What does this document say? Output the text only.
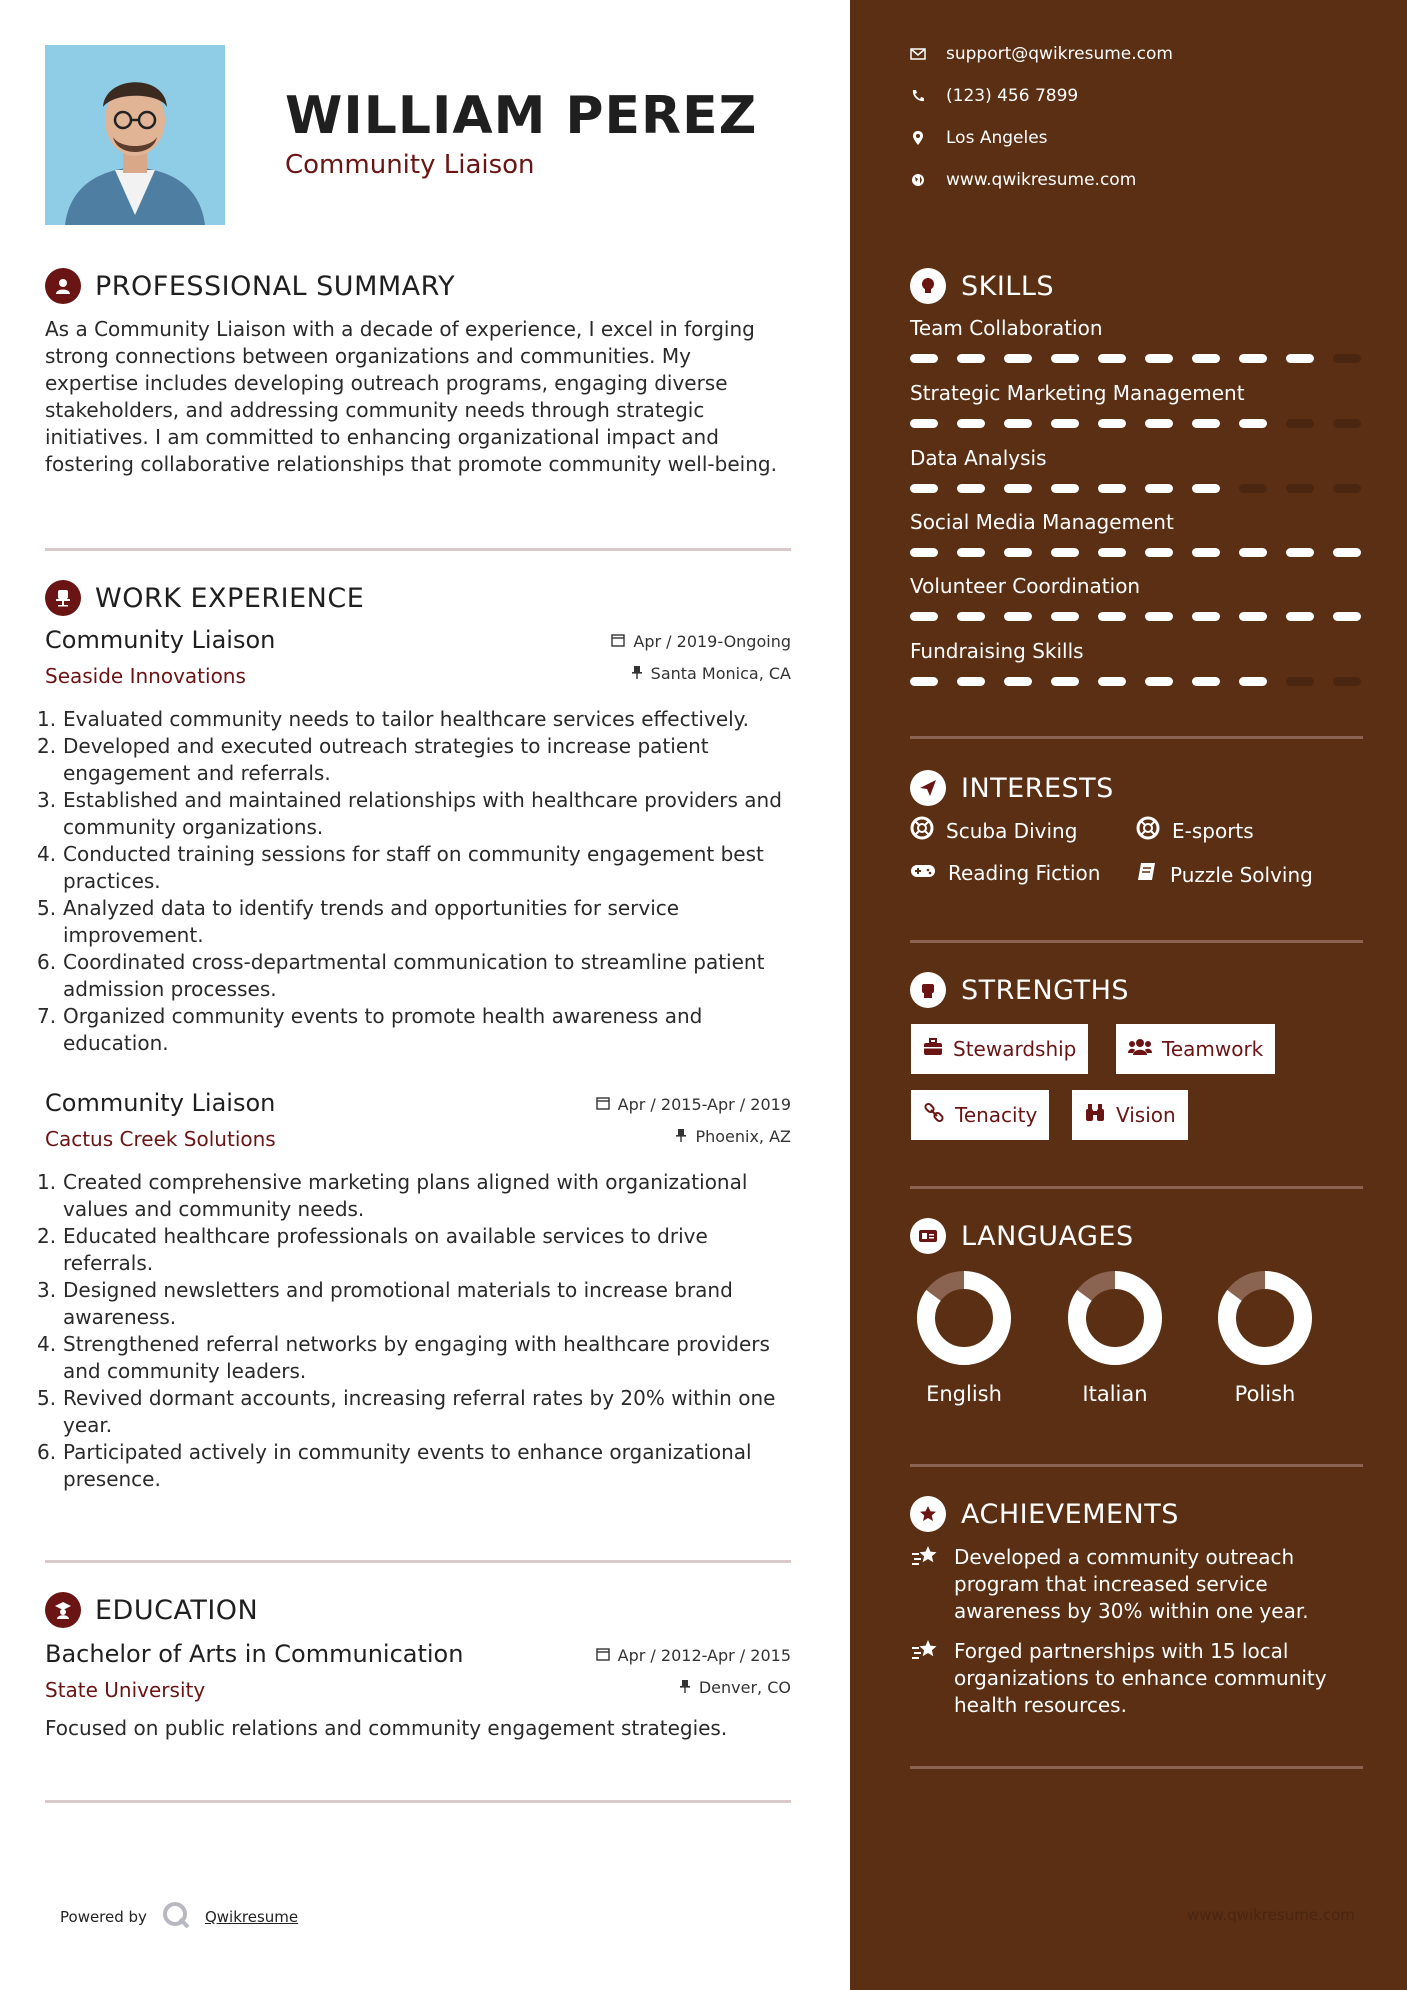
WILLIAM PEREZ
Community Liaison
PROFESSIONAL SUMMARY
As a Community Liaison with a decade of experience, I excel in forging strong connections between organizations and communities. My expertise includes developing outreach programs, engaging diverse stakeholders, and addressing community needs through strategic initiatives. I am committed to enhancing organizational impact and fostering collaborative relationships that promote community well-being.
WORK EXPERIENCE
Community Liaison
Seaside Innovations
Apr / 2019-Ongoing
Santa Monica, CA
1. Evaluated community needs to tailor healthcare services effectively.
2. Developed and executed outreach strategies to increase patient engagement and referrals.
3. Established and maintained relationships with healthcare providers and community organizations.
4. Conducted training sessions for staff on community engagement best practices.
5. Analyzed data to identify trends and opportunities for service improvement.
6. Coordinated cross-departmental communication to streamline patient admission processes.
7. Organized community events to promote health awareness and education.
Community Liaison
Cactus Creek Solutions
Apr / 2015-Apr / 2019
Phoenix, AZ
1. Created comprehensive marketing plans aligned with organizational values and community needs.
2. Educated healthcare professionals on available services to drive referrals.
3. Designed newsletters and promotional materials to increase brand awareness.
4. Strengthened referral networks by engaging with healthcare providers and community leaders.
5. Revived dormant accounts, increasing referral rates by 20% within one year.
6. Participated actively in community events to enhance organizational presence.
EDUCATION
Bachelor of Arts in Communication
State University
Apr / 2012-Apr / 2015
Denver, CO
Focused on public relations and community engagement strategies.
Powered by	Qwikresume
support@qwikresume.com
(123) 456 7899
Los Angeles
www.qwikresume.com
SKILLS
Team Collaboration
Strategic Marketing Management
Data Analysis
Social Media Management
Volunteer Coordination
Fundraising Skills
INTERESTS
Scuba Diving	E-sports
Reading Fiction	Puzzle Solving
STRENGTHS
Stewardship	Teamwork
Tenacity	Vision
LANGUAGES
English	Italian	Polish
ACHIEVEMENTS
Developed a community outreach program that increased service awareness by 30% within one year.
Forged partnerships with 15 local organizations to enhance community health resources.
www.qwikresume.com
